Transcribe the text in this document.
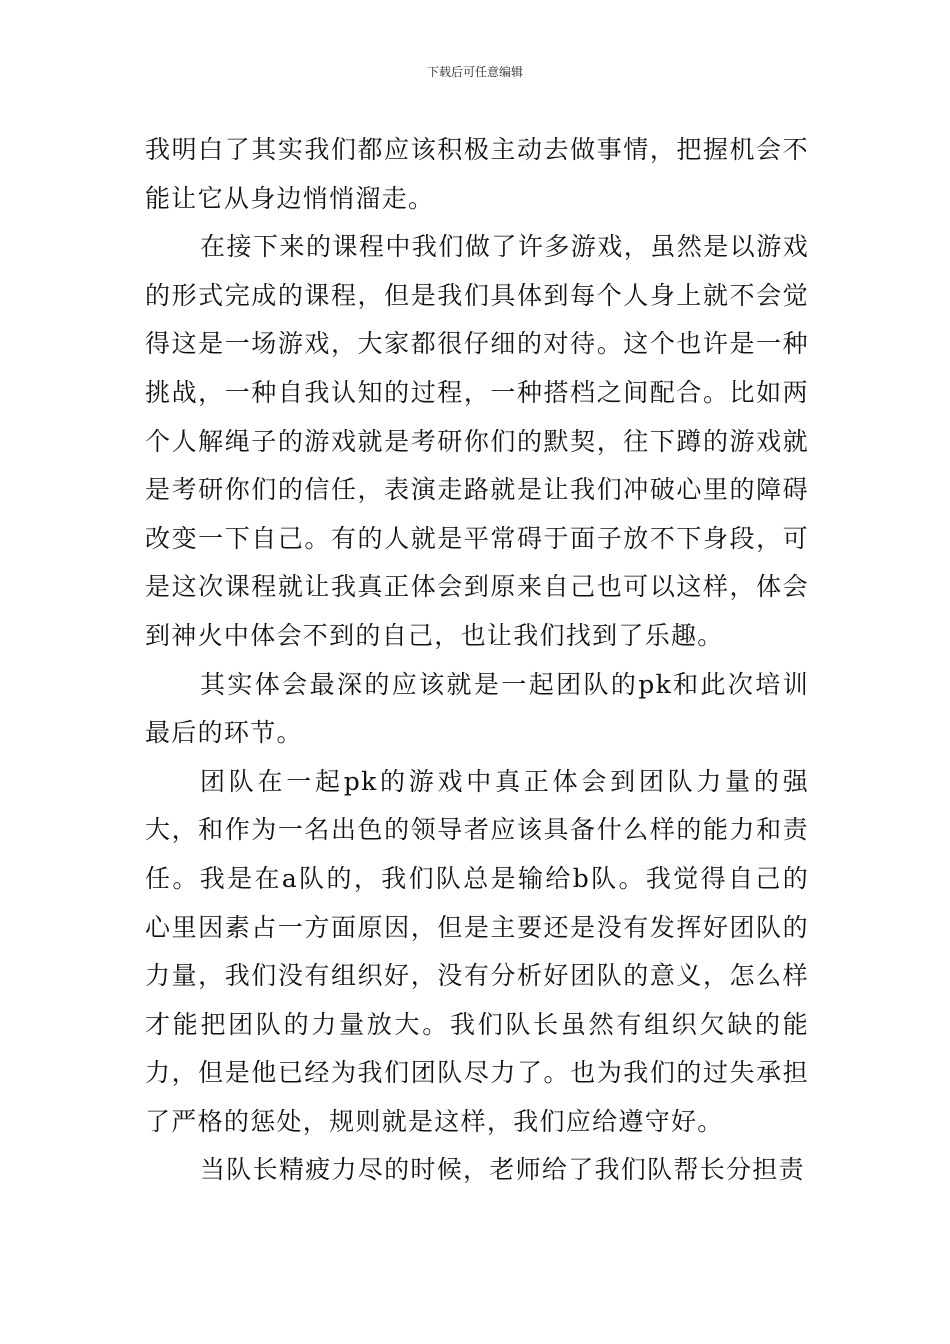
下载后可任意编辑

我明白了其实我们都应该积极主动去做事情，把握机会不能让它从身边悄悄溜走。

在接下来的课程中我们做了许多游戏，虽然是以游戏的形式完成的课程，但是我们具体到每个人身上就不会觉得这是一场游戏，大家都很仔细的对待。这个也许是一种挑战，一种自我认知的过程，一种搭档之间配合。比如两个人解绳子的游戏就是考研你们的默契，往下蹲的游戏就是考研你们的信任，表演走路就是让我们冲破心里的障碍改变一下自己。有的人就是平常碍于面子放不下身段，可是这次课程就让我真正体会到原来自己也可以这样，体会到神火中体会不到的自己，也让我们找到了乐趣。

其实体会最深的应该就是一起团队的pk和此次培训最后的环节。

团队在一起pk的游戏中真正体会到团队力量的强大，和作为一名出色的领导者应该具备什么样的能力和责任。我是在a队的，我们队总是输给b队。我觉得自己的心里因素占一方面原因，但是主要还是没有发挥好团队的力量，我们没有组织好，没有分析好团队的意义，怎么样才能把团队的力量放大。我们队长虽然有组织欠缺的能力，但是他已经为我们团队尽力了。也为我们的过失承担了严格的惩处，规则就是这样，我们应给遵守好。

当队长精疲力尽的时候，老师给了我们队帮长分担责
